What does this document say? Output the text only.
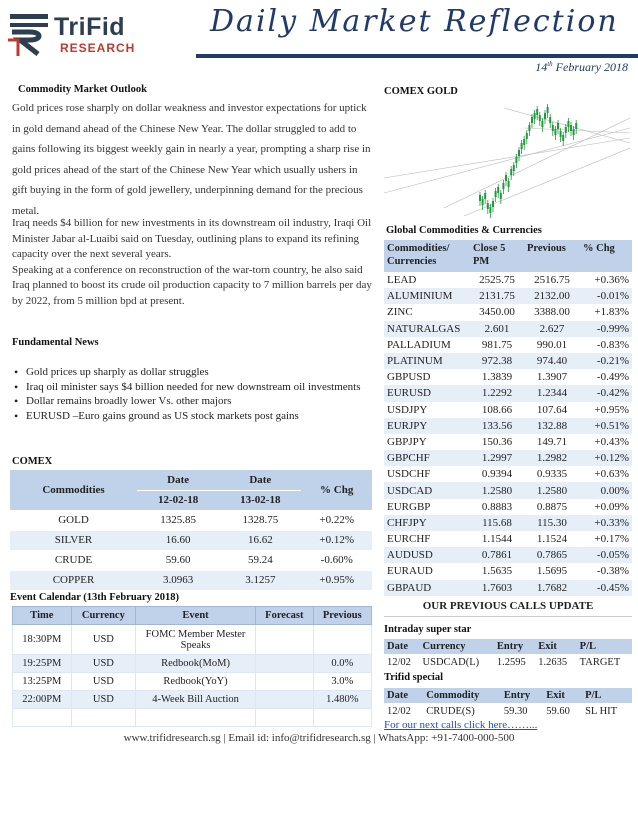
TriFid
RESEARCH
Daily Market Reflection
14th February 2018
Commodity Market Outlook
Gold prices rose sharply on dollar weakness and investor expectations for uptick in gold demand ahead of the Chinese New Year. The dollar struggled to add to gains following its biggest weekly gain in nearly a year, prompting a sharp rise in gold prices ahead of the start of the Chinese New Year which usually ushers in gift buying in the form of gold jewellery, underpinning demand for the precious metal.

Iraq needs $4 billion for new investments in its downstream oil industry, Iraqi Oil Minister Jabar al-Luaibi said on Tuesday, outlining plans to expand its refining capacity over the next several years.

Speaking at a conference on reconstruction of the war-torn country, he also said Iraq planned to boost its crude oil production capacity to 7 million barrels per day by 2022, from 5 million bpd at present.

Fundamental News
• Gold prices up sharply as dollar struggles
• Iraq oil minister says $4 billion needed for new downstream oil investments
• Dollar remains broadly lower Vs. other majors
• EURUSD –Euro gains ground as US stock markets post gains
COMEX
Commodities	Date	Date	% Chg
	12-02-18	13-02-18	
GOLD	1325.85	1328.75	+0.22%
SILVER	16.60	16.62	+0.12%
CRUDE	59.60	59.24	-0.60%
COPPER	3.0963	3.1257	+0.95%
Event Calendar (13th February 2018)
Time	Currency	Event	Forecast	Previous
18:30PM	USD	FOMC Member Mester Speaks		
19:25PM	USD	Redbook(MoM)		0.0%
13:25PM	USD	Redbook(YoY)		3.0%
22:00PM	USD	4-Week Bill Auction		1.480%

COMEX GOLD
Global Commodities & Currencies
Commodities/ Currencies	Close 5 PM	Previous	% Chg
LEAD	2525.75	2516.75	+0.36%
ALUMINIUM	2131.75	2132.00	-0.01%
ZINC	3450.00	3388.00	+1.83%
NATURALGAS	2.601	2.627	-0.99%
PALLADIUM	981.75	990.01	-0.83%
PLATINUM	972.38	974.40	-0.21%
GBPUSD	1.3839	1.3907	-0.49%
EURUSD	1.2292	1.2344	-0.42%
USDJPY	108.66	107.64	+0.95%
EURJPY	133.56	132.88	+0.51%
GBPJPY	150.36	149.71	+0.43%
GBPCHF	1.2997	1.2982	+0.12%
USDCHF	0.9394	0.9335	+0.63%
USDCAD	1.2580	1.2580	0.00%
EURGBP	0.8883	0.8875	+0.09%
CHFJPY	115.68	115.30	+0.33%
EURCHF	1.1544	1.1524	+0.17%
AUDUSD	0.7861	0.7865	-0.05%
EURAUD	1.5635	1.5695	-0.38%
GBPAUD	1.7603	1.7682	-0.45%
OUR PREVIOUS CALLS UPDATE
Intraday super star
Date	Currency	Entry	Exit	P/L
12/02	USDCAD(L)	1.2595	1.2635	TARGET
Trifid special
Date	Commodity	Entry	Exit	P/L
12/02	CRUDE(S)	59.30	59.60	SL HIT
For our next calls click here……...
www.trifidresearch.sg | Email id: info@trifidresearch.sg | WhatsApp: +91-7400-000-500
